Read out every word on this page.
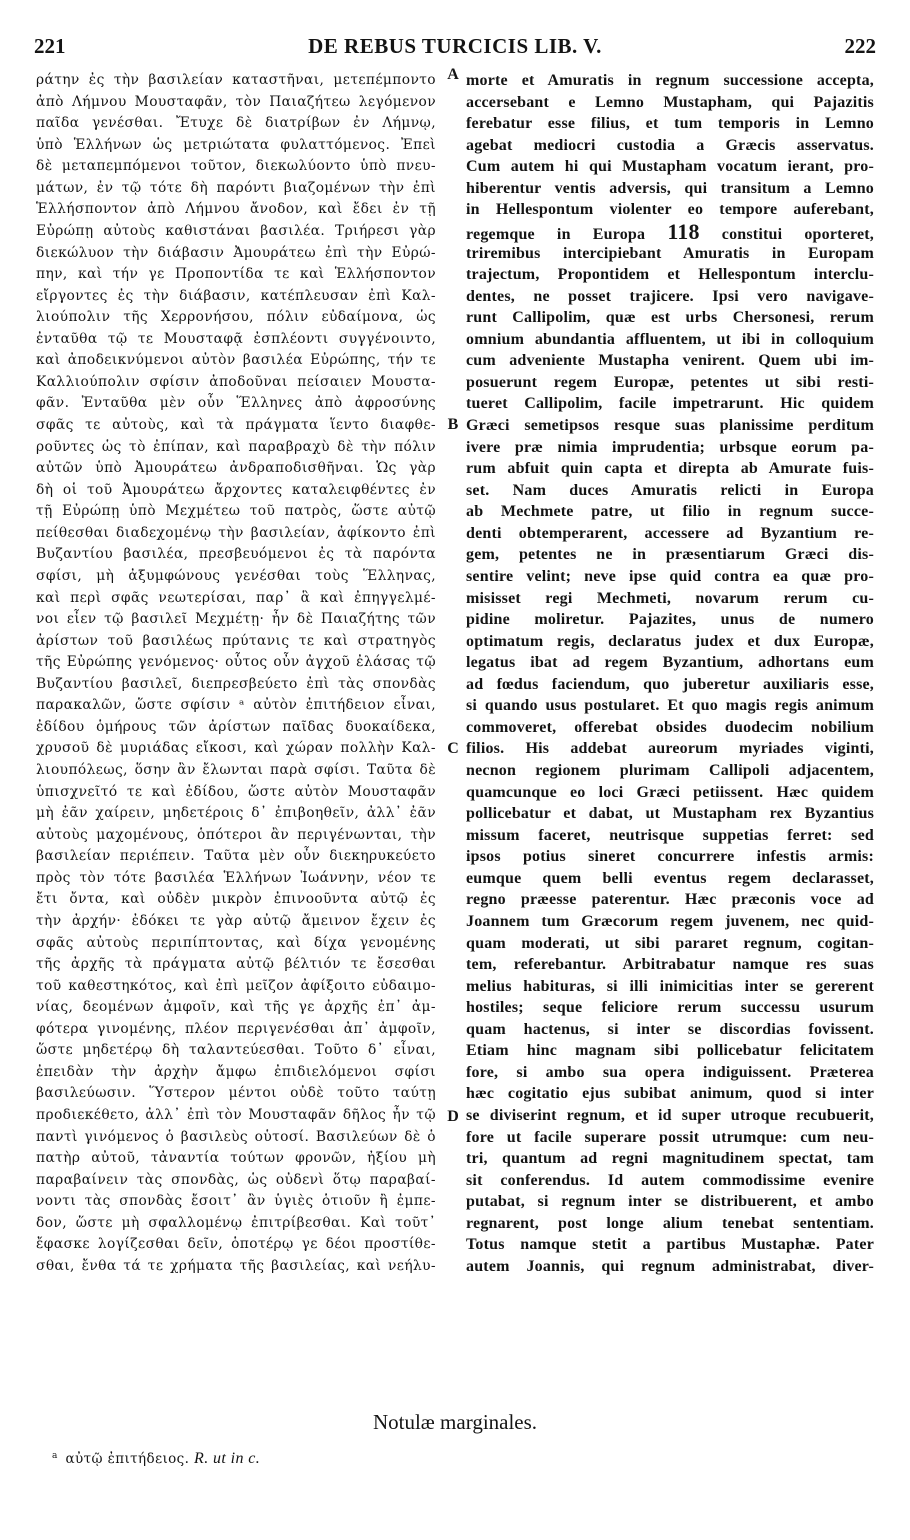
221	DE REBUS TURCICIS LIB. V.	222
ράτην ἐς τὴν βασιλείαν καταστῆναι, μετεπέμποντο
ἀπὸ Λήμνου Μουσταφᾶν, τὸν Παιαζήτεω λεγόμενον
παῖδα γενέσθαι. Ἔτυχε δὲ διατρίβων ἐν Λήμνῳ,
ὑπὸ Ἑλλήνων ὡς μετριώτατα φυλαττόμενος. Ἐπεὶ
δὲ μεταπεμπόμενοι τοῦτον, διεκωλύοντο ὑπὸ πνευ-
μάτων, ἐν τῷ τότε δὴ παρόντι βιαζομένων τὴν ἐπὶ
Ἑλλήσποντον ἀπὸ Λήμνου ἄνοδον, καὶ ἔδει ἐν τῇ
Εὐρώπῃ αὐτοὺς καθιστάναι βασιλέα. Τριήρεσι γὰρ
διεκώλυον τὴν διάβασιν Ἀμουράτεω ἐπὶ τὴν Εὐρώ-
πην, καὶ τήν γε Προποντίδα τε καὶ Ἑλλήσποντον
εἴργοντες ἐς τὴν διάβασιν, κατέπλευσαν ἐπὶ Καλ-
λιούπολιν τῆς Χερρονήσου, πόλιν εὐδαίμονα, ὡς
ἐνταῦθα τῷ τε Μουσταφᾷ ἐσπλέοντι συγγένοιντο,
καὶ ἀποδεικνύμενοι αὐτὸν βασιλέα Εὐρώπης, τήν τε
Καλλιούπολιν σφίσιν ἀποδοῦναι πείσαιεν Μουστα-
φᾶν. Ἐνταῦθα μὲν οὖν Ἕλληνες ἀπὸ ἀφροσύνης
σφᾶς τε αὐτοὺς, καὶ τὰ πράγματα ἵεντο διαφθε-
ροῦντες ὡς τὸ ἐπίπαν, καὶ παραβραχὺ δὲ τὴν πόλιν
αὐτῶν ὑπὸ Ἀμουράτεω ἀνδραποδισθῆναι. Ὡς γὰρ
δὴ οἱ τοῦ Ἀμουράτεω ἄρχοντες καταλειφθέντες ἐν
τῇ Εὐρώπῃ ὑπὸ Μεχμέτεω τοῦ πατρὸς, ὥστε αὐτῷ
πείθεσθαι διαδεχομένῳ τὴν βασιλείαν, ἀφίκοντο ἐπὶ
Βυζαντίου βασιλέα, πρεσβευόμενοι ἐς τὰ παρόντα
σφίσι, μὴ ἀξυμφώνους γενέσθαι τοὺς Ἕλληνας,
καὶ περὶ σφᾶς νεωτερίσαι, παρ᾽ ἃ καὶ ἐπηγγελμέ-
νοι εἶεν τῷ βασιλεῖ Μεχμέτῃ· ἦν δὲ Παιαζήτης τῶν
ἀρίστων τοῦ βασιλέως πρύτανις τε καὶ στρατηγὸς
τῆς Εὐρώπης γενόμενος· οὗτος οὖν ἀγχοῦ ἐλάσας τῷ
Βυζαντίου βασιλεῖ, διεπρεσβεύετο ἐπὶ τὰς σπονδὰς
παρακαλῶν, ὥστε σφίσιν ᵃ αὐτὸν ἐπιτήδειον εἶναι,
ἐδίδου ὁμήρους τῶν ἀρίστων παῖδας δυοκαίδεκα,
χρυσοῦ δὲ μυριάδας εἴκοσι, καὶ χώραν πολλὴν Καλ-
λιουπόλεως, ὅσην ἂν ἔλωνται παρὰ σφίσι. Ταῦτα δὲ
ὑπισχνεῖτό τε καὶ ἐδίδου, ὥστε αὐτὸν Μουσταφᾶν
μὴ ἐᾶν χαίρειν, μηδετέροις δ᾽ ἐπιβοηθεῖν, ἀλλ᾽ ἐᾶν
αὐτοὺς μαχομένους, ὁπότεροι ἂν περιγένωνται, τὴν
βασιλείαν περιέπειν. Ταῦτα μὲν οὖν διεκηρυκεύετο
πρὸς τὸν τότε βασιλέα Ἑλλήνων Ἰωάννην, νέον τε
ἔτι ὄντα, καὶ οὐδὲν μικρὸν ἐπινοοῦντα αὐτῷ ἐς
τὴν ἀρχήν· ἐδόκει τε γὰρ αὐτῷ ἄμεινον ἔχειν ἐς
σφᾶς αὐτοὺς περιπίπτοντας, καὶ δίχα γενομένης
τῆς ἀρχῆς τὰ πράγματα αὐτῷ βέλτιόν τε ἔσεσθαι
τοῦ καθεστηκότος, καὶ ἐπὶ μεῖζον ἀφίξοιτο εὐδαιμο-
νίας, δεομένων ἀμφοῖν, καὶ τῆς γε ἀρχῆς ἐπ᾽ ἀμ-
φότερα γινομένης, πλέον περιγενέσθαι ἀπ᾽ ἀμφοῖν,
ὥστε μηδετέρῳ δὴ ταλαντεύεσθαι. Τοῦτο δ᾽ εἶναι,
ἐπειδὰν τὴν ἀρχὴν ἄμφω ἐπιδιελόμενοι σφίσι
βασιλεύωσιν. Ὕστερον μέντοι οὐδὲ τοῦτο ταύτῃ
προδιεκέθετο, ἀλλ᾽ ἐπὶ τὸν Μουσταφᾶν δῆλος ἦν τῷ
παντὶ γινόμενος ὁ βασιλεὺς οὑτοσί. Βασιλεύων δὲ ὁ
πατὴρ αὐτοῦ, τἀναντία τούτων φρονῶν, ἠξίου μὴ
παραβαίνειν τὰς σπονδὰς, ὡς οὐδενὶ ὅτῳ παραβαί-
νοντι τὰς σπονδὰς ἔσοιτ᾽ ἂν ὑγιὲς ὁτιοῦν ἢ ἐμπε-
δον, ὥστε μὴ σφαλλομένῳ ἐπιτρίβεσθαι. Καὶ τοῦτ᾽
ἔφασκε λογίζεσθαι δεῖν, ὁποτέρῳ γε δέοι προστίθε-
σθαι, ἔνθα τά τε χρήματα τῆς βασιλείας, καὶ νεήλυ-
morte et Amuratis in regnum successione accepta,
accersebant e Lemno Mustapham, qui Pajazitis
ferebatur esse filius, et tum temporis in Lemno
agebat mediocri custodia a Græcis asservatus.
Cum autem hi qui Mustapham vocatum ierant, pro-
hiberentur ventis adversis, qui transitum a Lemno
in Hellespontum violenter eo tempore auferebant,
regemque in Europa 118 constitui oporteret,
triremibus intercipiebant Amuratis in Europam
trajectum, Propontidem et Hellespontum interclu-
dentes, ne posset trajicere. Ipsi vero navigave-
runt Callipolim, quæ est urbs Chersonesi, rerum
omnium abundantia affluentem, ut ibi in colloquium
cum adveniente Mustapha venirent. Quem ubi im-
posuerunt regem Europæ, petentes ut sibi resti-
tueret Callipolim, facile impetrarunt. Hic quidem
Græci semetipsos resque suas planissime perditum
ivere præ nimia imprudentia; urbsque eorum pa-
rum abfuit quin capta et direpta ab Amurate fuis-
set. Nam duces Amuratis relicti in Europa
ab Mechmete patre, ut filio in regnum succe-
denti obtemperarent, accessere ad Byzantium re-
gem, petentes ne in præsentiarum Græci dis-
sentire velint; neve ipse quid contra ea quæ pro-
misisset regi Mechmeti, novarum rerum cu-
pidine moliretur. Pajazites, unus de numero
optimatum regis, declaratus judex et dux Europæ,
legatus ibat ad regem Byzantium, adhortans eum
ad fœdus faciendum, quo juberetur auxiliaris esse,
si quando usus postularet. Et quo magis regis animum
commoveret, offerebat obsides duodecim nobilium
filios. His addebat aureorum myriades viginti,
necnon regionem plurimam Callipoli adjacentem,
quamcunque eo loci Græci petiissent. Hæc quidem
pollicebatur et dabat, ut Mustapham rex Byzantius
missum faceret, neutrisque suppetias ferret: sed
ipsos potius sineret concurrere infestis armis:
eumque quem belli eventus regem declarasset,
regno præesse paterentur. Hæc præconis voce ad
Joannem tum Græcorum regem juvenem, nec quid-
quam moderati, ut sibi pararet regnum, cogitan-
tem, referebantur. Arbitrabatur namque res suas
melius habituras, si illi inimicitias inter se gererent
hostiles; seque feliciore rerum successu usurum
quam hactenus, si inter se discordias fovissent.
Etiam hinc magnam sibi pollicebatur felicitatem
fore, si ambo sua opera indiguissent. Præterea
hæc cogitatio ejus subibat animum, quod si inter
se diviserint regnum, et id super utroque recubuerit,
fore ut facile superare possit utrumque: cum neu-
tri, quantum ad regni magnitudinem spectat, tam
sit conferendus. Id autem commodissime evenire
putabat, si regnum inter se distribuerent, et ambo
regnarent, post longe alium tenebat sententiam.
Totus namque stetit a partibus Mustaphæ. Pater
autem Joannis, qui regnum administrabat, diver-
A
B
C
D
Notulæ marginales.
$^a$ αὐτῷ ἐπιτήδειος. R. ut in c.
